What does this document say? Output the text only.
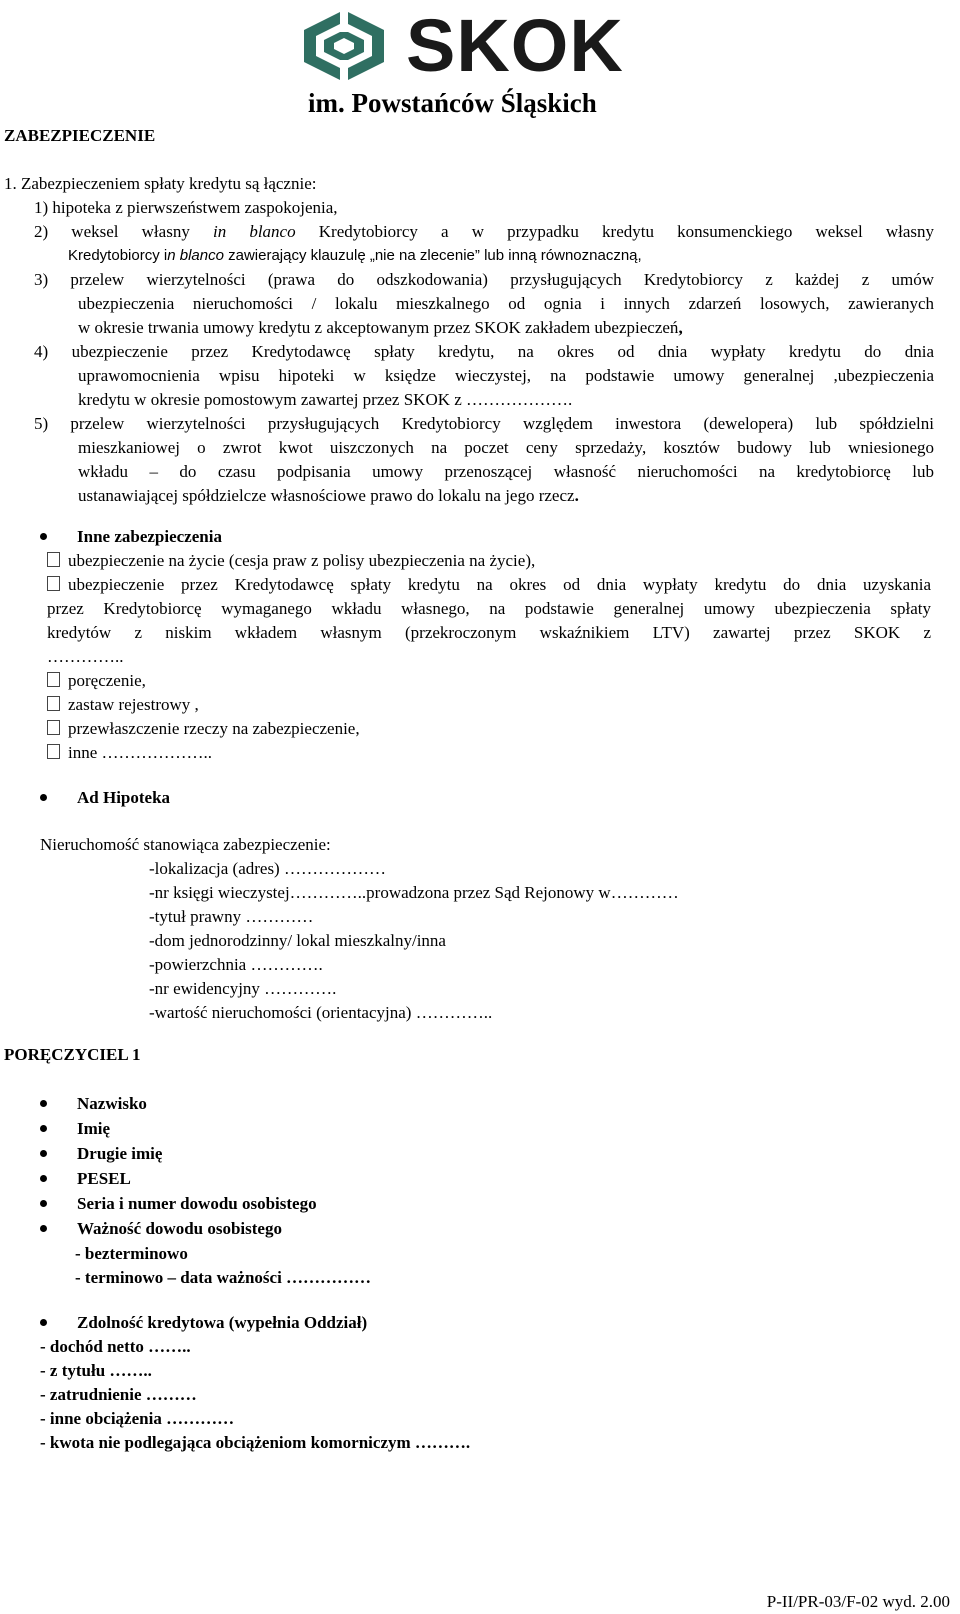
SKOK
im. Powstańców Śląskich
ZABEZPIECZENIE
1. Zabezpieczeniem spłaty kredytu są łącznie:
1) hipoteka z pierwszeństwem zaspokojenia,
2) weksel własny in blanco Kredytobiorcy a w przypadku kredytu konsumenckiego weksel własny
Kredytobiorcy in blanco zawierający klauzulę „nie na zlecenie” lub inną równoznaczną,
3) przelew wierzytelności (prawa do odszkodowania) przysługujących Kredytobiorcy z każdej z umów
ubezpieczenia nieruchomości / lokalu mieszkalnego od ognia i innych zdarzeń losowych, zawieranych
w okresie trwania umowy kredytu z akceptowanym przez SKOK zakładem ubezpieczeń,
4) ubezpieczenie przez Kredytodawcę spłaty kredytu, na okres od dnia wypłaty kredytu do dnia
uprawomocnienia wpisu hipoteki w księdze wieczystej, na podstawie umowy generalnej ,ubezpieczenia
kredytu w okresie pomostowym zawartej przez SKOK z ……………….
5) przelew wierzytelności przysługujących Kredytobiorcy względem inwestora (dewelopera) lub spółdzielni
mieszkaniowej o zwrot kwot uiszczonych na poczet ceny sprzedaży, kosztów budowy lub wniesionego
wkładu – do czasu podpisania umowy przenoszącej własność nieruchomości na kredytobiorcę lub
ustanawiającej spółdzielcze własnościowe prawo do lokalu na jego rzecz.
Inne zabezpieczenia
ubezpieczenie na życie (cesja praw z polisy ubezpieczenia na życie),
ubezpieczenie przez Kredytodawcę spłaty kredytu na okres od dnia wypłaty kredytu do dnia uzyskania
przez Kredytobiorcę wymaganego wkładu własnego, na podstawie generalnej umowy ubezpieczenia spłaty
kredytów z niskim wkładem własnym (przekroczonym wskaźnikiem LTV) zawartej przez SKOK z
…………..
poręczenie,
zastaw rejestrowy ,
przewłaszczenie rzeczy na zabezpieczenie,
inne ………………..
Ad Hipoteka
Nieruchomość stanowiąca zabezpieczenie:
-lokalizacja (adres) ………………
-nr księgi wieczystej…………..prowadzona przez Sąd Rejonowy w…………
-tytuł prawny …………
-dom jednorodzinny/ lokal mieszkalny/inna
-powierzchnia ………….
-nr ewidencyjny ………….
-wartość nieruchomości (orientacyjna) …………..
PORĘCZYCIEL 1
Nazwisko
Imię
Drugie imię
PESEL
Seria i numer dowodu osobistego
Ważność dowodu osobistego
- bezterminowo
- terminowo – data ważności ……………
Zdolność kredytowa (wypełnia Oddział)
- dochód netto ……..
- z tytułu ……..
- zatrudnienie ………
- inne obciążenia …………
- kwota nie podlegająca obciążeniom komorniczym ……….
P-II/PR-03/F-02 wyd. 2.00
